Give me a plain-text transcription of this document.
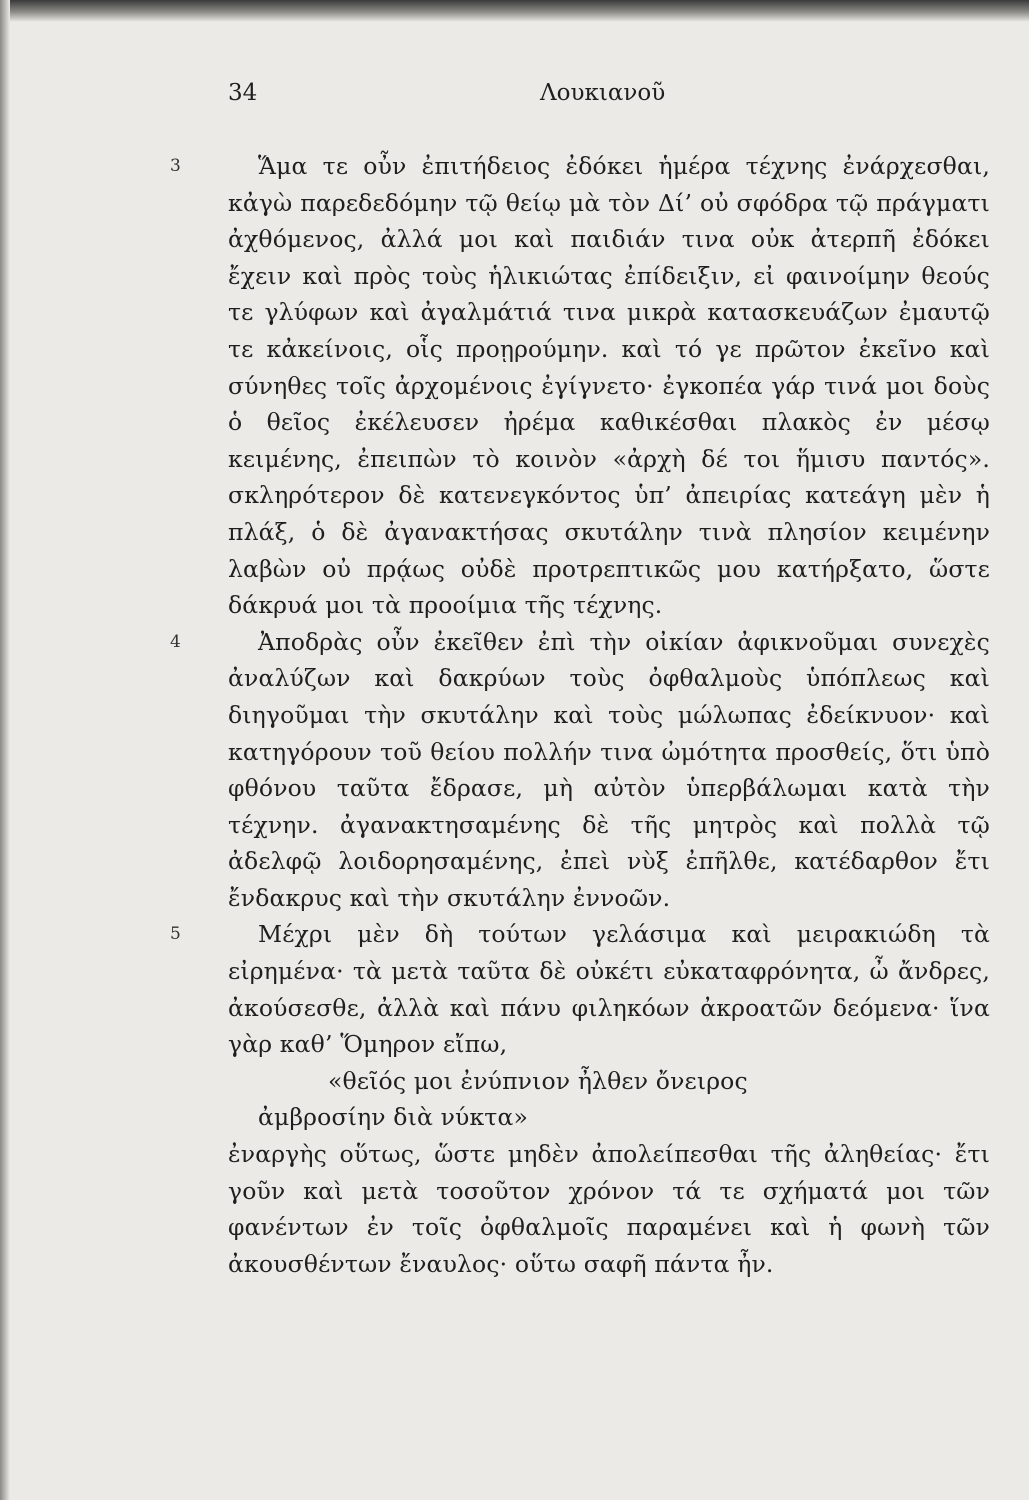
34	Λουκιανοῦ

3	Ἅμα τε οὖν ἐπιτήδειος ἐδόκει ἡμέρα τέχνης ἐνάρχεσθαι, κἀγὼ παρεδεδόμην τῷ θείῳ μὰ τὸν Δί’ οὐ σφόδρα τῷ πράγματι ἀχθόμενος, ἀλλά μοι καὶ παιδιάν τινα οὐκ ἀτερπῆ ἐδόκει ἔχειν καὶ πρὸς τοὺς ἡλικιώτας ἐπίδειξιν, εἰ φαινοίμην θεούς τε γλύφων καὶ ἀγαλμάτιά τινα μικρὰ κατασκευάζων ἐμαυτῷ τε κἀκείνοις, οἷς προῃρούμην. καὶ τό γε πρῶτον ἐκεῖνο καὶ σύνηθες τοῖς ἀρχομένοις ἐγίγνετο· ἐγκοπέα γάρ τινά μοι δοὺς ὁ θεῖος ἐκέλευσεν ἠρέμα καθικέσθαι πλακὸς ἐν μέσῳ κειμένης, ἐπειπὼν τὸ κοινὸν «ἀρχὴ δέ τοι ἥμισυ παντός». σκληρότερον δὲ κατενεγκόντος ὑπ’ ἀπειρίας κατεάγη μὲν ἡ πλάξ, ὁ δὲ ἀγανακτήσας σκυτάλην τινὰ πλησίον κειμένην λαβὼν οὐ πρᾴως οὐδὲ προτρεπτικῶς μου κατήρξατο, ὥστε δάκρυά μοι τὰ προοίμια τῆς τέχνης.

4	Ἀποδρὰς οὖν ἐκεῖθεν ἐπὶ τὴν οἰκίαν ἀφικνοῦμαι συνεχὲς ἀναλύζων καὶ δακρύων τοὺς ὀφθαλμοὺς ὑπόπλεως καὶ διηγοῦμαι τὴν σκυτάλην καὶ τοὺς μώλωπας ἐδείκνυον· καὶ κατηγόρουν τοῦ θείου πολλήν τινα ὠμότητα προσθείς, ὅτι ὑπὸ φθόνου ταῦτα ἔδρασε, μὴ αὐτὸν ὑπερβάλωμαι κατὰ τὴν τέχνην. ἀγανακτησαμένης δὲ τῆς μητρὸς καὶ πολλὰ τῷ ἀδελφῷ λοιδορησαμένης, ἐπεὶ νὺξ ἐπῆλθε, κατέδαρθον ἔτι ἔνδακρυς καὶ τὴν σκυτάλην ἐννοῶν.

5	Μέχρι μὲν δὴ τούτων γελάσιμα καὶ μειρακιώδη τὰ εἰρημένα· τὰ μετὰ ταῦτα δὲ οὐκέτι εὐκαταφρόνητα, ὦ ἄνδρες, ἀκούσεσθε, ἀλλὰ καὶ πάνυ φιληκόων ἀκροατῶν δεόμενα· ἵνα γὰρ καθ’ Ὅμηρον εἴπω,

«θεῖός μοι ἐνύπνιον ἦλθεν ὄνειρος

ἀμβροσίην διὰ νύκτα»

ἐναργὴς οὕτως, ὥστε μηδὲν ἀπολείπεσθαι τῆς ἀληθείας· ἔτι γοῦν καὶ μετὰ τοσοῦτον χρόνον τά τε σχήματά μοι τῶν φανέντων ἐν τοῖς ὀφθαλμοῖς παραμένει καὶ ἡ φωνὴ τῶν ἀκουσθέντων ἔναυλος· οὕτω σαφῆ πάντα ἦν.
